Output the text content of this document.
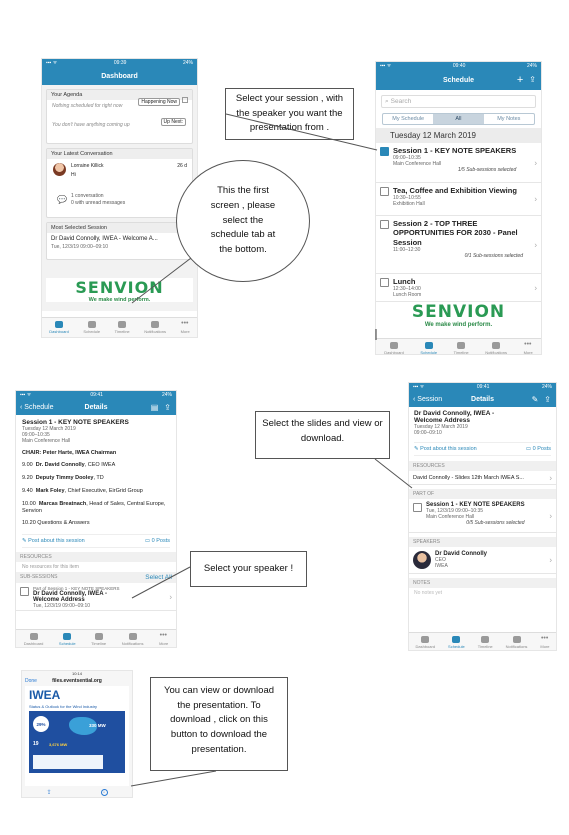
▪▪▪ ᯤ	09:39	24%
Dashboard
Your Agenda
Happening Now
Nothing scheduled for right now
Up Next:
You don't have anything coming up
Your Latest Conversation
Lorraine Killick	26 d
Hi
💬 1 conversation
0 with unread messages
Most Selected Session
Dr David Connolly, IWEA - Welcome A...
Tue, 12/3/19 09:00–09:10
SENVION
We make wind perform.
Dashboard	Schedule	Timeline	Notifications
•••
More
This the first screen , please select the schedule tab at the bottom.
▪▪▪ ᯤ	09:40	24%
Schedule	+ ⇪
⌕ Search
My Schedule	All	My Notes
Tuesday 12 March 2019
Session 1 - KEY NOTE SPEAKERS
09:00–10:35
Main Conference Hall
1/5 Sub-sessions selected
›
Tea, Coffee and Exhibition Viewing
10:30–10:55
Exhibition Hall
›
Session 2 - TOP THREE OPPORTUNITIES FOR 2030 - Panel Session
11:00–12:30
0/1 Sub-sessions selected
›
Lunch
12:30–14:00
Lunch Room
›
SENVION
We make wind perform.
Dashboard	Schedule	Timeline	Notifications
•••
More
Select your session , with the speaker you want the presentation from .
▪▪▪ ᯤ	09:41	24%
‹ Schedule	Details	▤ ⇪
Session 1 - KEY NOTE SPEAKERS
Tuesday 12 March 2019
09:00–10:35
Main Conference Hall
CHAIR: Peter Harte, IWEA Chairman
9.00 Dr. David Connolly, CEO IWEA
9.20 Deputy Timmy Dooley, TD
9.40 Mark Foley, Chief Executive, EirGrid Group
10.00 Marcas Breatnach, Head of Sales, Central Europe, Senvion
10.20 Questions & Answers
✎ Post about this session	▭ 0 Posts
RESOURCES
No resources for this item
SUB-SESSIONS	Select All
Part of Session 1 - KEY NOTE SPEAKERS
Dr David Connolly, IWEA - Welcome Address
Tue, 12/3/19 09:00–09:10
›
Dashboard	Schedule	Timeline	Notifications
•••
More
Select your speaker !
▪▪▪ ᯤ	09:41	24%
‹ Session	Details	✎ ⇪
Dr David Connolly, IWEA - Welcome Address
Tuesday 12 March 2019
09:00–09:10
✎ Post about this session	▭ 0 Posts
RESOURCES
David Connolly - Slides 12th March IWEA S...	›
PART OF
Session 1 - KEY NOTE SPEAKERS
Tue, 12/3/19 09:00–10:35
Main Conference Hall
0/5 Sub-sessions selected
›
SPEAKERS
Dr David Connolly
CEO
IWEA
›
NOTES
No notes yet
Dashboard	Schedule	Timeline	Notifications
•••
More
Select the slides and view or download.
10:14
Done	files.eventsential.org
IWEA
Status & Outlook for the Wind Industry
29%	330 MW
19	3,676 MW
⇪	↓
You can view or download the presentation. To download , click on this button to download the presentation.
